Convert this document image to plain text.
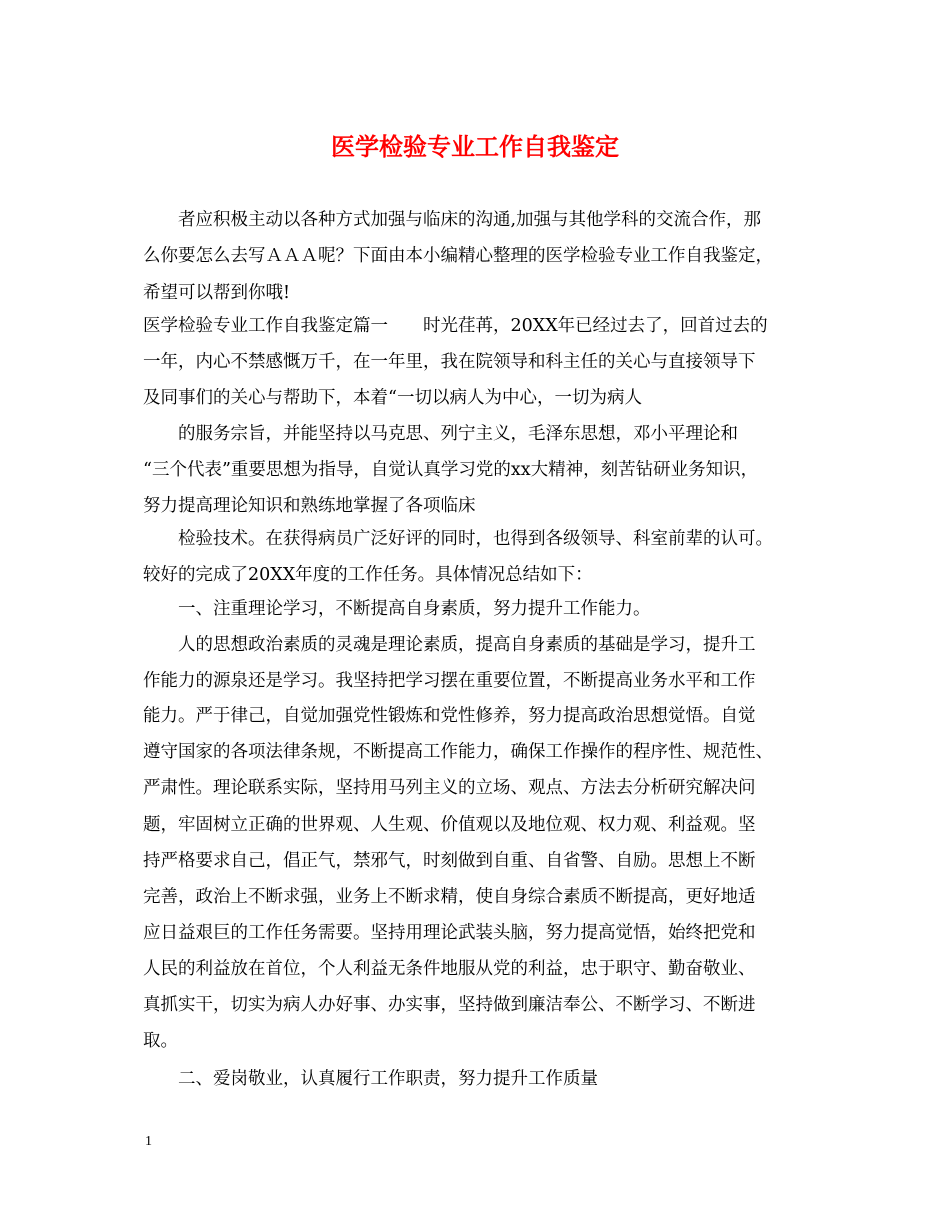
医学检验专业工作自我鉴定

　　者应积极主动以各种方式加强与临床的沟通,加强与其他学科的交流合作，那

么你要怎么去写ＡＡＡ呢？下面由本小编精心整理的医学检验专业工作自我鉴定，

希望可以帮到你哦!

医学检验专业工作自我鉴定篇一　　时光荏苒，20XX年已经过去了，回首过去的

一年，内心不禁感慨万千，在一年里，我在院领导和科主任的关心与直接领导下

及同事们的关心与帮助下，本着“一切以病人为中心，一切为病人

　　的服务宗旨，并能坚持以马克思、列宁主义，毛泽东思想，邓小平理论和

“三个代表”重要思想为指导，自觉认真学习党的xx大精神，刻苦钻研业务知识，

努力提高理论知识和熟练地掌握了各项临床

　　检验技术。在获得病员广泛好评的同时，也得到各级领导、科室前辈的认可。

较好的完成了20XX年度的工作任务。具体情况总结如下：

　　一、注重理论学习，不断提高自身素质，努力提升工作能力。

　　人的思想政治素质的灵魂是理论素质，提高自身素质的基础是学习，提升工

作能力的源泉还是学习。我坚持把学习摆在重要位置，不断提高业务水平和工作

能力。严于律己，自觉加强党性锻炼和党性修养，努力提高政治思想觉悟。自觉

遵守国家的各项法律条规，不断提高工作能力，确保工作操作的程序性、规范性、

严肃性。理论联系实际，坚持用马列主义的立场、观点、方法去分析研究解决问

题，牢固树立正确的世界观、人生观、价值观以及地位观、权力观、利益观。坚

持严格要求自己，倡正气，禁邪气，时刻做到自重、自省警、自励。思想上不断

完善，政治上不断求强，业务上不断求精，使自身综合素质不断提高，更好地适

应日益艰巨的工作任务需要。坚持用理论武装头脑，努力提高觉悟，始终把党和

人民的利益放在首位，个人利益无条件地服从党的利益，忠于职守、勤奋敬业、

真抓实干，切实为病人办好事、办实事，坚持做到廉洁奉公、不断学习、不断进

取。

　　二、爱岗敬业，认真履行工作职责，努力提升工作质量

1
